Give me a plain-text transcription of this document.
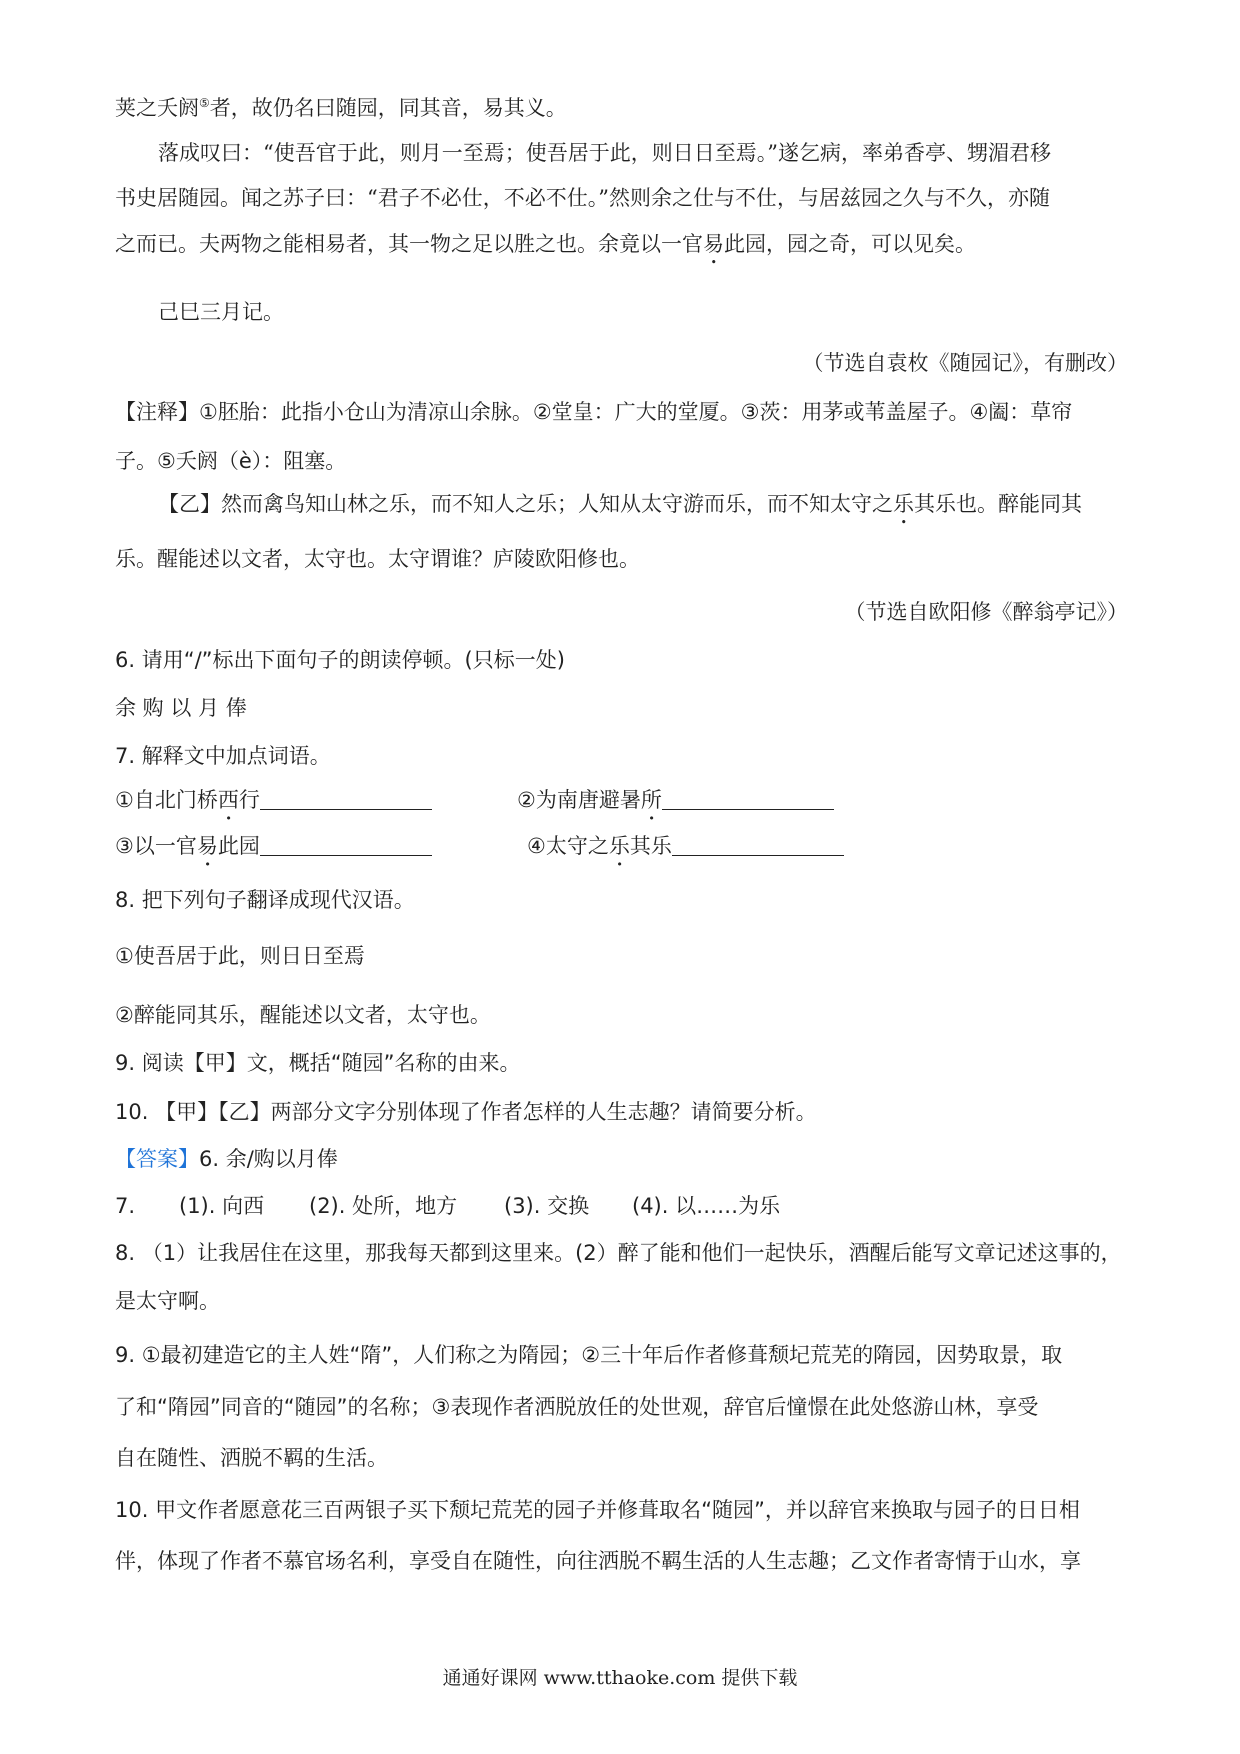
荚之夭阏⑤者，故仍名曰随园，同其音，易其义。
落成叹曰：“使吾官于此，则月一至焉；使吾居于此，则日日至焉。”遂乞病，率弟香亭、甥湄君移
书史居随园。闻之苏子曰：“君子不必仕，不必不仕。”然则余之仕与不仕，与居兹园之久与不久，亦随
之而已。夫两物之能相易者，其一物之足以胜之也。余竟以一官易此园，园之奇，可以见矣。
己巳三月记。
（节选自袁枚《随园记》，有删改）
【注释】①胚胎：此指小仓山为清凉山余脉。②堂皇：广大的堂厦。③茨：用茅或苇盖屋子。④阖：草帘
子。⑤夭阏（è）：阻塞。
【乙】然而禽鸟知山林之乐，而不知人之乐；人知从太守游而乐，而不知太守之乐其乐也。醉能同其
乐。醒能述以文者，太守也。太守谓谁？庐陵欧阳修也。
（节选自欧阳修《醉翁亭记》）
6. 请用“/”标出下面句子的朗读停顿。(只标一处)
余 购 以 月 俸
7. 解释文中加点词语。
①自北门桥西行	②为南唐避暑所
③以一官易此园	④太守之乐其乐
8. 把下列句子翻译成现代汉语。
①使吾居于此，则日日至焉
②醉能同其乐，醒能述以文者，太守也。
9. 阅读【甲】文，概括“随园”名称的由来。
10. 【甲】【乙】两部分文字分别体现了作者怎样的人生志趣？请简要分析。
【答案】6. 余/购以月俸
7. (1). 向西 (2). 处所，地方 (3). 交换 (4). 以……为乐
8. （1）让我居住在这里，那我每天都到这里来。(2）醉了能和他们一起快乐，酒醒后能写文章记述这事的，
是太守啊。
9. ①最初建造它的主人姓“隋”，人们称之为隋园；②三十年后作者修葺颓圮荒芜的隋园，因势取景，取
了和“隋园”同音的“随园”的名称；③表现作者洒脱放任的处世观，辞官后憧憬在此处悠游山林，享受
自在随性、洒脱不羁的生活。
10. 甲文作者愿意花三百两银子买下颓圮荒芜的园子并修葺取名“随园”，并以辞官来换取与园子的日日相
伴，体现了作者不慕官场名利，享受自在随性，向往洒脱不羁生活的人生志趣；乙文作者寄情于山水，享
通通好课网 www.tthaoke.com 提供下载
